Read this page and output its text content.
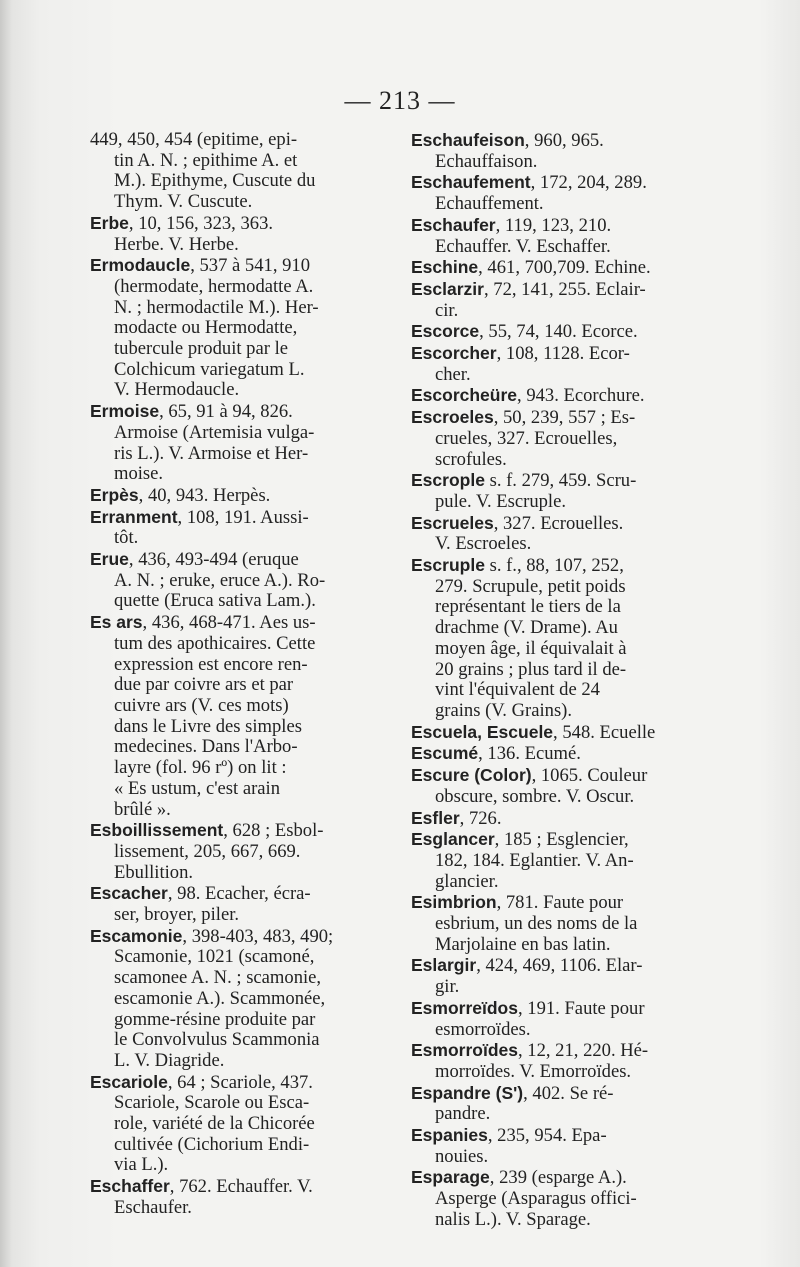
— 213 —
449, 450, 454 (epitime, epi-
tin A. N. ; epithime A. et
M.). Epithyme, Cuscute du
Thym. V. Cuscute.
Erbe, 10, 156, 323, 363.
Herbe. V. Herbe.
Ermodaucle, 537 à 541, 910
(hermodate, hermodatte A.
N. ; hermodactile M.). Her-
modacte ou Hermodatte,
tubercule produit par le
Colchicum variegatum L.
V. Hermodaucle.
Ermoise, 65, 91 à 94, 826.
Armoise (Artemisia vulga-
ris L.). V. Armoise et Her-
moise.
Erpès, 40, 943. Herpès.
Erranment, 108, 191. Aussi-
tôt.
Erue, 436, 493-494 (eruque
A. N. ; eruke, eruce A.). Ro-
quette (Eruca sativa Lam.).
Es ars, 436, 468-471. Aes us-
tum des apothicaires. Cette
expression est encore ren-
due par coivre ars et par
cuivre ars (V. ces mots)
dans le Livre des simples
medecines. Dans l'Arbo-
layre (fol. 96 rº) on lit :
« Es ustum, c'est arain
brûlé ».
Esboillissement, 628 ; Esbol-
lissement, 205, 667, 669.
Ebullition.
Escacher, 98. Ecacher, écra-
ser, broyer, piler.
Escamonie, 398-403, 483, 490;
Scamonie, 1021 (scamoné,
scamonee A. N. ; scamonie,
escamonie A.). Scammonée,
gomme-résine produite par
le Convolvulus Scammonia
L. V. Diagride.
Escariole, 64 ; Scariole, 437.
Scariole, Scarole ou Esca-
role, variété de la Chicorée
cultivée (Cichorium Endi-
via L.).
Eschaffer, 762. Echauffer. V.
Eschaufer.
Eschaufeison, 960, 965.
Echauffaison.
Eschaufement, 172, 204, 289.
Echauffement.
Eschaufer, 119, 123, 210.
Echauffer. V. Eschaffer.
Eschine, 461, 700,709. Echine.
Esclarzir, 72, 141, 255. Eclair-
cir.
Escorce, 55, 74, 140. Ecorce.
Escorcher, 108, 1128. Ecor-
cher.
Escorcheüre, 943. Ecorchure.
Escroeles, 50, 239, 557 ; Es-
crueles, 327. Ecrouelles,
scrofules.
Escrople s. f. 279, 459. Scru-
pule. V. Escruple.
Escrueles, 327. Ecrouelles.
V. Escroeles.
Escruple s. f., 88, 107, 252,
279. Scrupule, petit poids
représentant le tiers de la
drachme (V. Drame). Au
moyen âge, il équivalait à
20 grains ; plus tard il de-
vint l'équivalent de 24
grains (V. Grains).
Escuela, Escuele, 548. Ecuelle
Escumé, 136. Ecumé.
Escure (Color), 1065. Couleur
obscure, sombre. V. Oscur.
Esfler, 726.
Esglancer, 185 ; Esglencier,
182, 184. Eglantier. V. An-
glancier.
Esimbrion, 781. Faute pour
esbrium, un des noms de la
Marjolaine en bas latin.
Eslargir, 424, 469, 1106. Elar-
gir.
Esmorreïdos, 191. Faute pour
esmorroïdes.
Esmorroïdes, 12, 21, 220. Hé-
morroïdes. V. Emorroïdes.
Espandre (S'), 402. Se ré-
pandre.
Espanies, 235, 954. Epa-
nouies.
Esparage, 239 (esparge A.).
Asperge (Asparagus offici-
nalis L.). V. Sparage.
